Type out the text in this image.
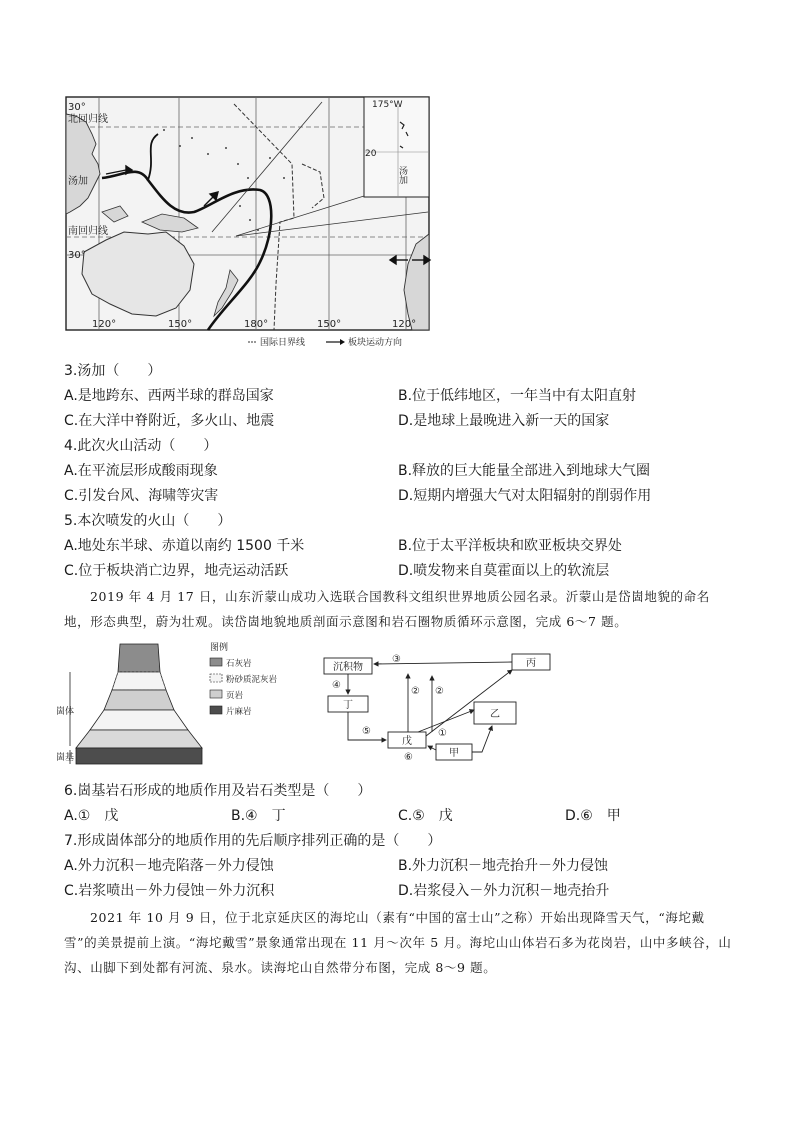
30°
北回归线
汤加
南回归线
30°
175°W
20
汤加
120°	150°	180°	150°	120°
国际日界线	板块运动方向
3.汤加（　　）
A.是地跨东、西两半球的群岛国家	B.位于低纬地区，一年当中有太阳直射
C.在大洋中脊附近，多火山、地震	D.是地球上最晚进入新一天的国家
4.此次火山活动（　　）
A.在平流层形成酸雨现象	B.释放的巨大能量全部进入到地球大气圈
C.引发台风、海啸等灾害	D.短期内增强大气对太阳辐射的削弱作用
5.本次喷发的火山（　　）
A.地处东半球、赤道以南约 1500 千米	B.位于太平洋板块和欧亚板块交界处
C.位于板块消亡边界，地壳运动活跃	D.喷发物来自莫霍面以上的软流层
2019 年 4 月 17 日，山东沂蒙山成功入选联合国教科文组织世界地质公园名录。沂蒙山是岱崮地貌的命名地，形态典型，蔚为壮观。读岱崮地貌地质剖面示意图和岩石圈物质循环示意图，完成 6～7 题。
崮体
崮基
图例
石灰岩
粉砂质泥灰岩
页岩
片麻岩
沉积物	丙
丁
乙
戊
甲
③
④
② ②
⑤	①
⑥
6.崮基岩石形成的地质作用及岩石类型是（　　）
A.①　戊	B.④　丁	C.⑤　戊	D.⑥　甲
7.形成崮体部分的地质作用的先后顺序排列正确的是（　　）
A.外力沉积－地壳陷落－外力侵蚀	B.外力沉积－地壳抬升－外力侵蚀
C.岩浆喷出－外力侵蚀－外力沉积	D.岩浆侵入－外力沉积－地壳抬升
2021 年 10 月 9 日，位于北京延庆区的海坨山（素有“中国的富士山”之称）开始出现降雪天气，“海坨戴雪”的美景提前上演。“海坨戴雪”景象通常出现在 11 月～次年 5 月。海坨山山体岩石多为花岗岩，山中多峡谷，山沟、山脚下到处都有河流、泉水。读海坨山自然带分布图，完成 8～9 题。
